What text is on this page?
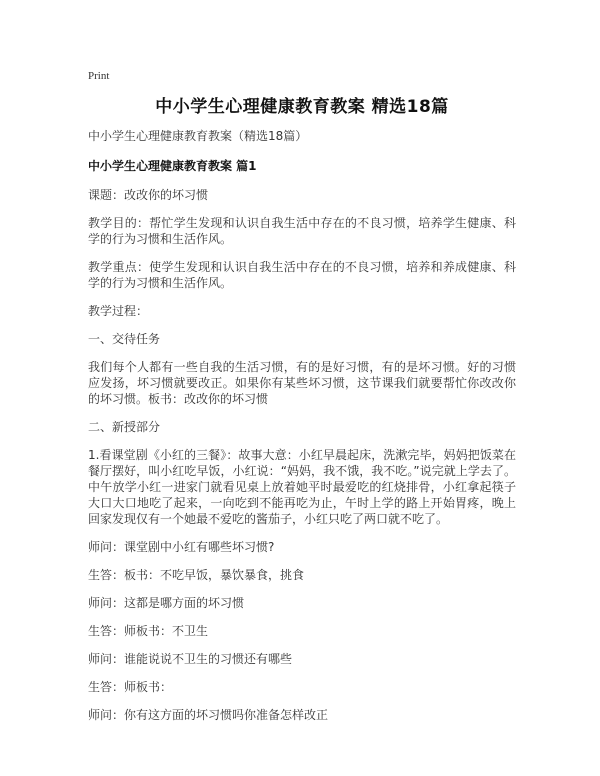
Print
中小学生心理健康教育教案 精选18篇
中小学生心理健康教育教案（精选18篇）
中小学生心理健康教育教案 篇1

课题：改改你的坏习惯

教学目的：帮忙学生发现和认识自我生活中存在的不良习惯，培养学生健康、科学的行为习惯和生活作风。

教学重点：使学生发现和认识自我生活中存在的不良习惯，培养和养成健康、科学的行为习惯和生活作风。

教学过程：

一、交待任务

我们每个人都有一些自我的生活习惯，有的是好习惯，有的是坏习惯。好的习惯应发扬，坏习惯就要改正。如果你有某些坏习惯，这节课我们就要帮忙你改改你的坏习惯。板书：改改你的坏习惯

二、新授部分

1.看课堂剧《小红的三餐》：故事大意：小红早晨起床，洗漱完毕，妈妈把饭菜在餐厅摆好，叫小红吃早饭，小红说：“妈妈，我不饿，我不吃。”说完就上学去了。中午放学小红一进家门就看见桌上放着她平时最爱吃的红烧排骨，小红拿起筷子大口大口地吃了起来，一向吃到不能再吃为止，午时上学的路上开始胃疼，晚上回家发现仅有一个她最不爱吃的酱茄子，小红只吃了两口就不吃了。

师问：课堂剧中小红有哪些坏习惯?

生答：板书：不吃早饭，暴饮暴食，挑食

师问：这都是哪方面的坏习惯

生答：师板书：不卫生

师问：谁能说说不卫生的习惯还有哪些

生答：师板书：

师问：你有这方面的坏习惯吗你准备怎样改正
